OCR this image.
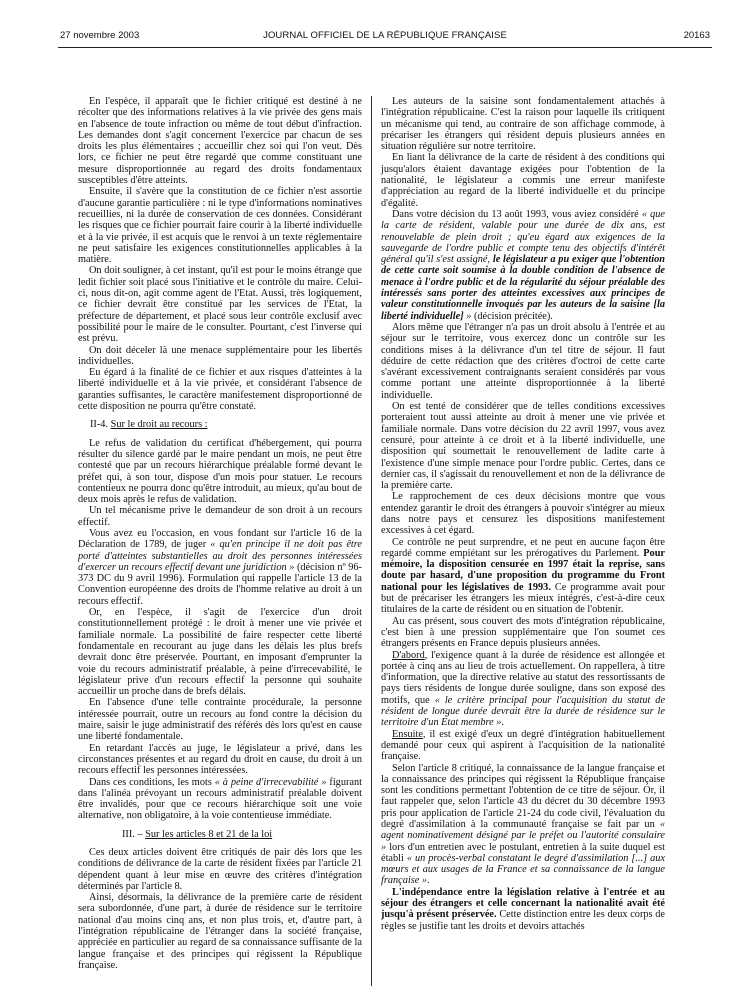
27 novembre 2003	JOURNAL OFFICIEL DE LA RÉPUBLIQUE FRANÇAISE	20163

En l'espèce, il apparaît que le fichier critiqué est destiné à ne récolter que des informations relatives à la vie privée des gens mais en l'absence de toute infraction ou même de tout début d'infraction. Les demandes dont s'agit concernent l'exercice par chacun de ses droits les plus élémentaires ; accueillir chez soi qui l'on veut. Dès lors, ce fichier ne peut être regardé que comme constituant une mesure disproportionnée au regard des droits fondamentaux susceptibles d'être atteints.

Ensuite, il s'avère que la constitution de ce fichier n'est assortie d'aucune garantie particulière : ni le type d'informations nominatives recueillies, ni la durée de conservation de ces données. Considérant les risques que ce fichier pourrait faire courir à la liberté individuelle et à la vie privée, il est acquis que le renvoi à un texte réglementaire ne peut satisfaire les exigences constitutionnelles applicables à la matière.

On doit souligner, à cet instant, qu'il est pour le moins étrange que ledit fichier soit placé sous l'initiative et le contrôle du maire. Celui-ci, nous dit-on, agit comme agent de l'Etat. Aussi, très logiquement, ce fichier devrait être constitué par les services de l'Etat, la préfecture de département, et placé sous leur contrôle exclusif avec possibilité pour le maire de le consulter. Pourtant, c'est l'inverse qui est prévu.

On doit déceler là une menace supplémentaire pour les libertés individuelles.

Eu égard à la finalité de ce fichier et aux risques d'atteintes à la liberté individuelle et à la vie privée, et considérant l'absence de garanties suffisantes, le caractère manifestement disproportionné de cette disposition ne pourra qu'être constaté.

II-4. Sur le droit au recours :

Le refus de validation du certificat d'hébergement, qui pourra résulter du silence gardé par le maire pendant un mois, ne peut être contesté que par un recours hiérarchique préalable formé devant le préfet qui, à son tour, dispose d'un mois pour statuer. Le recours contentieux ne pourra donc qu'être introduit, au mieux, qu'au bout de deux mois après le refus de validation.

Un tel mécanisme prive le demandeur de son droit à un recours effectif.

Vous avez eu l'occasion, en vous fondant sur l'article 16 de la Déclaration de 1789, de juger « qu'en principe il ne doit pas être porté d'atteintes substantielles au droit des personnes intéressées d'exercer un recours effectif devant une juridiction » (décision nº 96-373 DC du 9 avril 1996). Formulation qui rappelle l'article 13 de la Convention européenne des droits de l'homme relative au droit à un recours effectif.

Or, en l'espèce, il s'agit de l'exercice d'un droit constitutionnellement protégé : le droit à mener une vie privée et familiale normale. La possibilité de faire respecter cette liberté fondamentale en recourant au juge dans les délais les plus brefs devrait donc être préservée. Pourtant, en imposant d'emprunter la voie du recours administratif préalable, à peine d'irrecevabilité, le législateur prive d'un recours effectif la personne qui souhaite accueillir un proche dans de brefs délais.

En l'absence d'une telle contrainte procédurale, la personne intéressée pourrait, outre un recours au fond contre la décision du maire, saisir le juge administratif des référés dès lors qu'est en cause une liberté fondamentale.

En retardant l'accès au juge, le législateur a privé, dans les circonstances présentes et au regard du droit en cause, du droit à un recours effectif les personnes intéressées.

Dans ces conditions, les mots « à peine d'irrecevabilité » figurant dans l'alinéa prévoyant un recours administratif préalable doivent être invalidés, pour que ce recours hiérarchique soit une voie alternative, non obligatoire, à la voie contentieuse immédiate.

III. – Sur les articles 8 et 21 de la loi

Ces deux articles doivent être critiqués de pair dès lors que les conditions de délivrance de la carte de résident fixées par l'article 21 dépendent quant à leur mise en œuvre des critères d'intégration déterminés par l'article 8.

Ainsi, désormais, la délivrance de la première carte de résident sera subordonnée, d'une part, à durée de résidence sur le territoire national d'au moins cinq ans, et non plus trois, et, d'autre part, à l'intégration républicaine de l'étranger dans la société française, appréciée en particulier au regard de sa connaissance suffisante de la langue française et des principes qui régissent la République française.

Les auteurs de la saisine sont fondamentalement attachés à l'intégration républicaine. C'est la raison pour laquelle ils critiquent un mécanisme qui tend, au contraire de son affichage commode, à précariser les étrangers qui résident depuis plusieurs années en situation régulière sur notre territoire.

En liant la délivrance de la carte de résident à des conditions qui jusqu'alors étaient davantage exigées pour l'obtention de la nationalité, le législateur a commis une erreur manifeste d'appréciation au regard de la liberté individuelle et du principe d'égalité.

Dans votre décision du 13 août 1993, vous aviez considéré « que la carte de résident, valable pour une durée de dix ans, est renouvelable de plein droit ; qu'eu égard aux exigences de la sauvegarde de l'ordre public et compte tenu des objectifs d'intérêt général qu'il s'est assigné, le législateur a pu exiger que l'obtention de cette carte soit soumise à la double condition de l'absence de menace à l'ordre public et de la régularité du séjour préalable des intéressés sans porter des atteintes excessives aux principes de valeur constitutionnelle invoqués par les auteurs de la saisine [la liberté individuelle] » (décision précitée).

Alors même que l'étranger n'a pas un droit absolu à l'entrée et au séjour sur le territoire, vous exercez donc un contrôle sur les conditions mises à la délivrance d'un tel titre de séjour. Il faut déduire de cette rédaction que des critères d'octroi de cette carte s'avérant excessivement contraignants seraient considérés par vous comme portant une atteinte disproportionnée à la liberté individuelle.

On est tenté de considérer que de telles conditions excessives porteraient tout aussi atteinte au droit à mener une vie privée et familiale normale. Dans votre décision du 22 avril 1997, vous avez censuré, pour atteinte à ce droit et à la liberté individuelle, une disposition qui soumettait le renouvellement de ladite carte à l'existence d'une simple menace pour l'ordre public. Certes, dans ce dernier cas, il s'agissait du renouvellement et non de la délivrance de la première carte.

Le rapprochement de ces deux décisions montre que vous entendez garantir le droit des étrangers à pouvoir s'intégrer au mieux dans notre pays et censurez les dispositions manifestement excessives à cet égard.

Ce contrôle ne peut surprendre, et ne peut en aucune façon être regardé comme empiétant sur les prérogatives du Parlement. Pour mémoire, la disposition censurée en 1997 était la reprise, sans doute par hasard, d'une proposition du programme du Front national pour les législatives de 1993. Ce programme avait pour but de précariser les étrangers les mieux intégrés, c'est-à-dire ceux titulaires de la carte de résident ou en situation de l'obtenir.

Au cas présent, sous couvert des mots d'intégration républicaine, c'est bien à une pression supplémentaire que l'on soumet ces étrangers présents en France depuis plusieurs années.

D'abord, l'exigence quant à la durée de résidence est allongée et portée à cinq ans au lieu de trois actuellement. On rappellera, à titre d'information, que la directive relative au statut des ressortissants de pays tiers résidents de longue durée souligne, dans son exposé des motifs, que « le critère principal pour l'acquisition du statut de résident de longue durée devrait être la durée de résidence sur le territoire d'un Etat membre ».

Ensuite, il est exigé d'eux un degré d'intégration habituellement demandé pour ceux qui aspirent à l'acquisition de la nationalité française.

Selon l'article 8 critiqué, la connaissance de la langue française et la connaissance des principes qui régissent la République française sont les conditions permettant l'obtention de ce titre de séjour. Or, il faut rappeler que, selon l'article 43 du décret du 30 décembre 1993 pris pour application de l'article 21-24 du code civil, l'évaluation du degré d'assimilation à la communauté française se fait par un « agent nominativement désigné par le préfet ou l'autorité consulaire » lors d'un entretien avec le postulant, entretien à la suite duquel est établi « un procès-verbal constatant le degré d'assimilation [...] aux mœurs et aux usages de la France et sa connaissance de la langue française ».

L'indépendance entre la législation relative à l'entrée et au séjour des étrangers et celle concernant la nationalité avait été jusqu'à présent préservée. Cette distinction entre les deux corps de règles se justifie tant les droits et devoirs attachés
